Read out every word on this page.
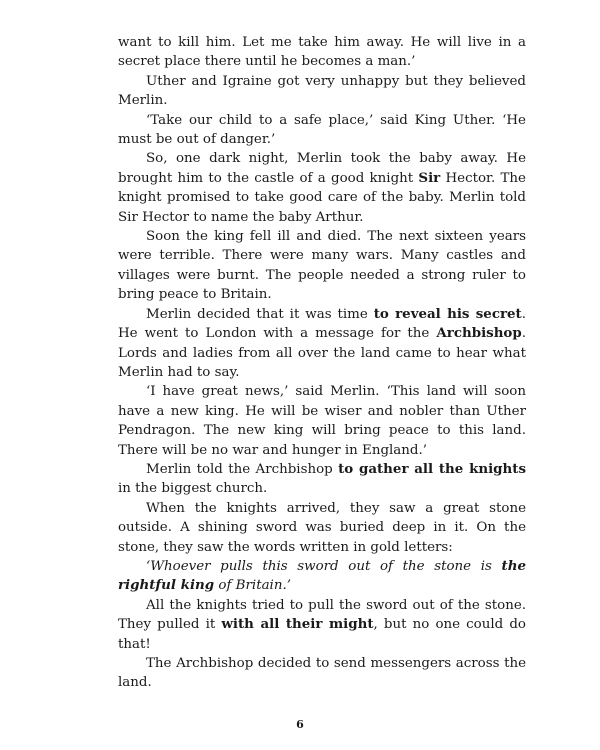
want to kill him. Let me take him away. He will live in a secret place there until he becomes a man.’

Uther and Igraine got very unhappy but they believed Merlin.

‘Take our child to a safe place,’ said King Uther. ‘He must be out of danger.’

So, one dark night, Merlin took the baby away. He brought him to the castle of a good knight Sir Hector. The knight promised to take good care of the baby. Merlin told Sir Hector to name the baby Arthur.

Soon the king fell ill and died. The next sixteen years were terrible. There were many wars. Many castles and villages were burnt. The people needed a strong ruler to bring peace to Britain.

Merlin decided that it was time to reveal his secret. He went to London with a message for the Archbishop. Lords and ladies from all over the land came to hear what Merlin had to say.

‘I have great news,’ said Merlin. ‘This land will soon have a new king. He will be wiser and nobler than Uther Pendragon. The new king will bring peace to this land. There will be no war and hunger in England.’

Merlin told the Archbishop to gather all the knights in the biggest church.

When the knights arrived, they saw a great stone outside. A shining sword was buried deep in it. On the stone, they saw the words written in gold letters:

‘Whoever pulls this sword out of the stone is the rightful king of Britain.’

All the knights tried to pull the sword out of the stone. They pulled it with all their might, but no one could do that!

The Archbishop decided to send messengers across the land.

6
